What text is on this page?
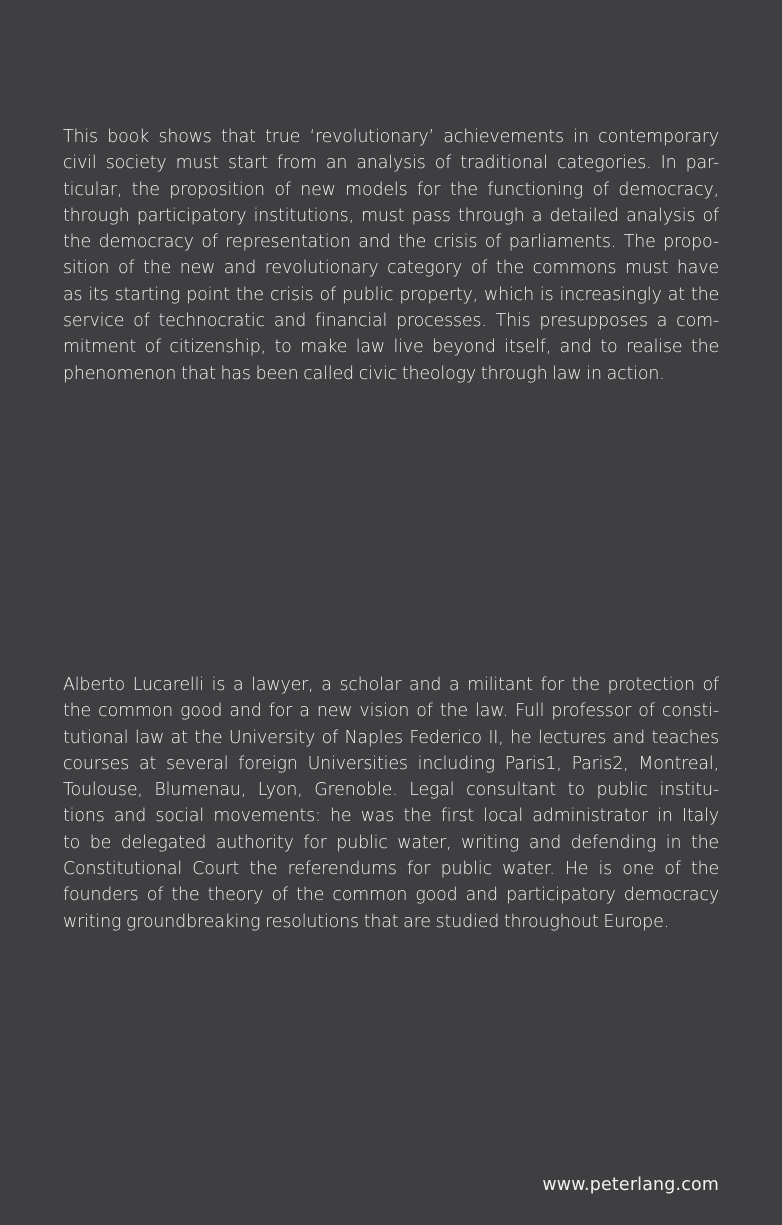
This book shows that true ‘revolutionary’ achievements in contemporary
civil society must start from an analysis of traditional categories. In par-
ticular, the proposition of new models for the functioning of democracy,
through participatory institutions, must pass through a detailed analysis of
the democracy of representation and the crisis of parliaments. The propo-
sition of the new and revolutionary category of the commons must have
as its starting point the crisis of public property, which is increasingly at the
service of technocratic and financial processes. This presupposes a com-
mitment of citizenship, to make law live beyond itself, and to realise the
phenomenon that has been called civic theology through law in action.

Alberto Lucarelli is a lawyer, a scholar and a militant for the protection of
the common good and for a new vision of the law. Full professor of consti-
tutional law at the University of Naples Federico II, he lectures and teaches
courses at several foreign Universities including Paris1, Paris2, Montreal,
Toulouse, Blumenau, Lyon, Grenoble. Legal consultant to public institu-
tions and social movements: he was the first local administrator in Italy
to be delegated authority for public water, writing and defending in the
Constitutional Court the referendums for public water. He is one of the
founders of the theory of the common good and participatory democracy
writing groundbreaking resolutions that are studied throughout Europe.

www.peterlang.com
